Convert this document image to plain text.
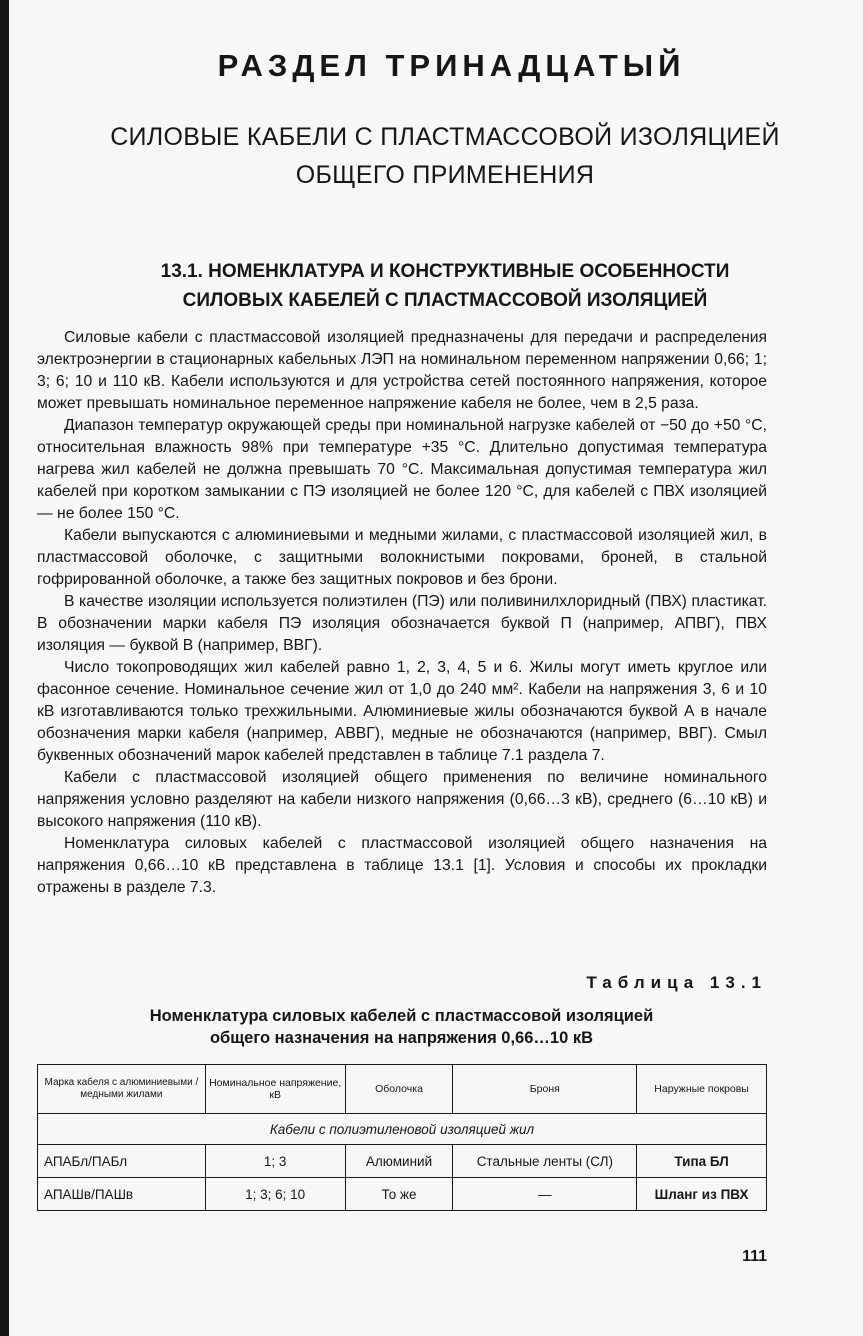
РАЗДЕЛ ТРИНАДЦАТЫЙ
СИЛОВЫЕ КАБЕЛИ С ПЛАСТМАССОВОЙ ИЗОЛЯЦИЕЙ
ОБЩЕГО ПРИМЕНЕНИЯ
13.1. НОМЕНКЛАТУРА И КОНСТРУКТИВНЫЕ ОСОБЕННОСТИ
СИЛОВЫХ КАБЕЛЕЙ С ПЛАСТМАССОВОЙ ИЗОЛЯЦИЕЙ

Силовые кабели с пластмассовой изоляцией предназначены для передачи и распределения электроэнергии в стационарных кабельных ЛЭП на номинальном переменном напряжении 0,66; 1; 3; 6; 10 и 110 кВ. Кабели используются и для устройства сетей постоянного напряжения, которое может превышать номинальное переменное напряжение кабеля не более, чем в 2,5 раза.

Диапазон температур окружающей среды при номинальной нагрузке кабелей от −50 до +50 °С, относительная влажность 98% при температуре +35 °С. Длительно допустимая температура нагрева жил кабелей не должна превышать 70 °С. Максимальная допустимая температура жил кабелей при коротком замыкании с ПЭ изоляцией не более 120 °С, для кабелей с ПВХ изоляцией — не более 150 °С.

Кабели выпускаются с алюминиевыми и медными жилами, с пластмассовой изоляцией жил, в пластмассовой оболочке, с защитными волокнистыми покровами, броней, в стальной гофрированной оболочке, а также без защитных покровов и без брони.

В качестве изоляции используется полиэтилен (ПЭ) или поливинилхлоридный (ПВХ) пластикат. В обозначении марки кабеля ПЭ изоляция обозначается буквой П (например, АПВГ), ПВХ изоляция — буквой В (например, ВВГ).

Число токопроводящих жил кабелей равно 1, 2, 3, 4, 5 и 6. Жилы могут иметь круглое или фасонное сечение. Номинальное сечение жил от 1,0 до 240 мм². Кабели на напряжения 3, 6 и 10 кВ изготавливаются только трехжильными. Алюминиевые жилы обозначаются буквой А в начале обозначения марки кабеля (например, АВВГ), медные не обозначаются (например, ВВГ). Смыл буквенных обозначений марок кабелей представлен в таблице 7.1 раздела 7.

Кабели с пластмассовой изоляцией общего применения по величине номинального напряжения условно разделяют на кабели низкого напряжения (0,66…3 кВ), среднего (6…10 кВ) и высокого напряжения (110 кВ).

Номенклатура силовых кабелей с пластмассовой изоляцией общего назначения на напряжения 0,66…10 кВ представлена в таблице 13.1 [1]. Условия и способы их прокладки отражены в разделе 7.3.

Таблица 13.1
Номенклатура силовых кабелей с пластмассовой изоляцией
общего назначения на напряжения 0,66…10 кВ
Марка кабеля с алюминиевыми / медными жилами	Номинальное напряжение, кВ	Оболочка	Броня	Наружные покровы
Кабели с полиэтиленовой изоляцией жил				
АПАБл/ПАБл	1; 3	Алюминий	Стальные ленты (СЛ)	Типа БЛ
АПАШв/ПАШв	1; 3; 6; 10	То же	—	Шланг из ПВХ
111
